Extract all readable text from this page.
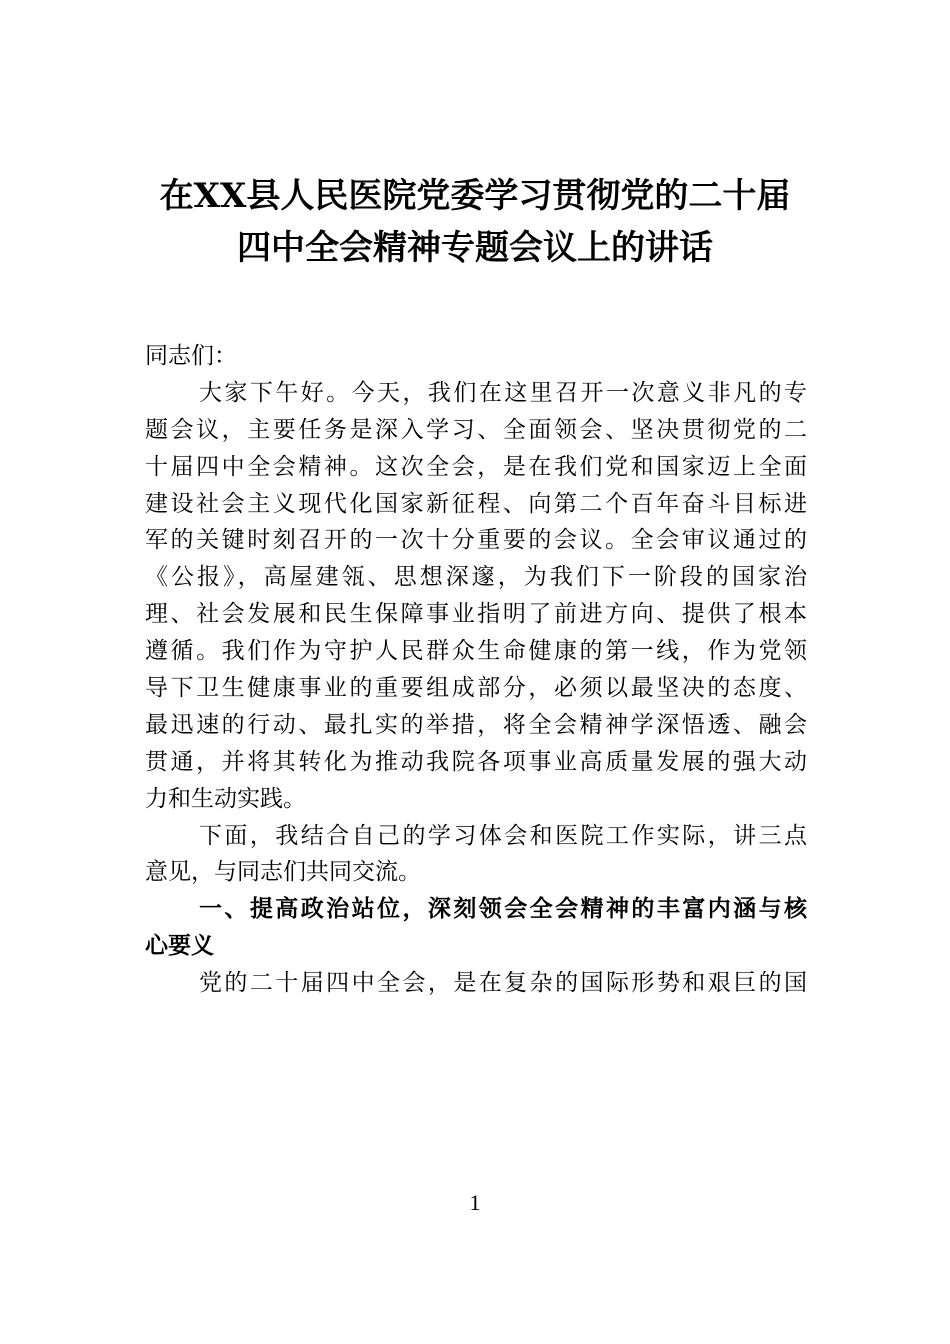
在XX县人民医院党委学习贯彻党的二十届
四中全会精神专题会议上的讲话
同志们：
大家下午好。今天，我们在这里召开一次意义非凡的专
题会议，主要任务是深入学习、全面领会、坚决贯彻党的二
十届四中全会精神。这次全会，是在我们党和国家迈上全面
建设社会主义现代化国家新征程、向第二个百年奋斗目标进
军的关键时刻召开的一次十分重要的会议。全会审议通过的
《公报》，高屋建瓴、思想深邃，为我们下一阶段的国家治
理、社会发展和民生保障事业指明了前进方向、提供了根本
遵循。我们作为守护人民群众生命健康的第一线，作为党领
导下卫生健康事业的重要组成部分，必须以最坚决的态度、
最迅速的行动、最扎实的举措，将全会精神学深悟透、融会
贯通，并将其转化为推动我院各项事业高质量发展的强大动
力和生动实践。
下面，我结合自己的学习体会和医院工作实际，讲三点
意见，与同志们共同交流。
一、提高政治站位，深刻领会全会精神的丰富内涵与核
心要义
党的二十届四中全会，是在复杂的国际形势和艰巨的国
1
